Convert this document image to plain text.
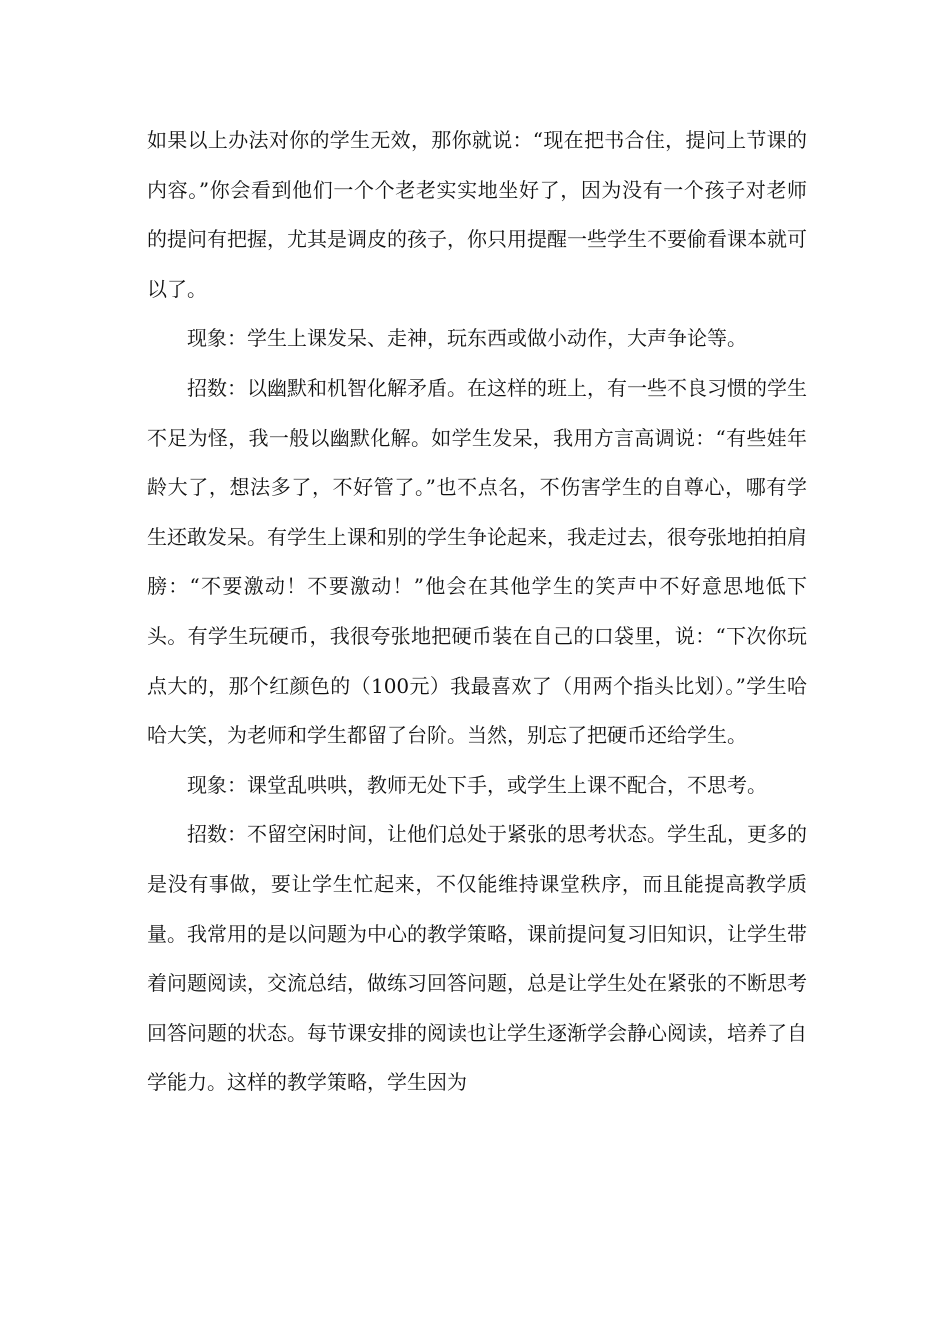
如果以上办法对你的学生无效，那你就说：“现在把书合住，提问上节课的内容。”你会看到他们一个个老老实实地坐好了，因为没有一个孩子对老师的提问有把握，尤其是调皮的孩子，你只用提醒一些学生不要偷看课本就可以了。

现象：学生上课发呆、走神，玩东西或做小动作，大声争论等。

招数：以幽默和机智化解矛盾。在这样的班上，有一些不良习惯的学生不足为怪，我一般以幽默化解。如学生发呆，我用方言高调说：“有些娃年龄大了，想法多了，不好管了。”也不点名，不伤害学生的自尊心，哪有学生还敢发呆。有学生上课和别的学生争论起来，我走过去，很夸张地拍拍肩膀：“不要激动！不要激动！”他会在其他学生的笑声中不好意思地低下头。有学生玩硬币，我很夸张地把硬币装在自己的口袋里，说：“下次你玩点大的，那个红颜色的（100元）我最喜欢了（用两个指头比划）。”学生哈哈大笑，为老师和学生都留了台阶。当然，别忘了把硬币还给学生。

现象：课堂乱哄哄，教师无处下手，或学生上课不配合，不思考。

招数：不留空闲时间，让他们总处于紧张的思考状态。学生乱，更多的是没有事做，要让学生忙起来，不仅能维持课堂秩序，而且能提高教学质量。我常用的是以问题为中心的教学策略，课前提问复习旧知识，让学生带着问题阅读，交流总结，做练习回答问题，总是让学生处在紧张的不断思考回答问题的状态。每节课安排的阅读也让学生逐渐学会静心阅读，培养了自学能力。这样的教学策略，学生因为
